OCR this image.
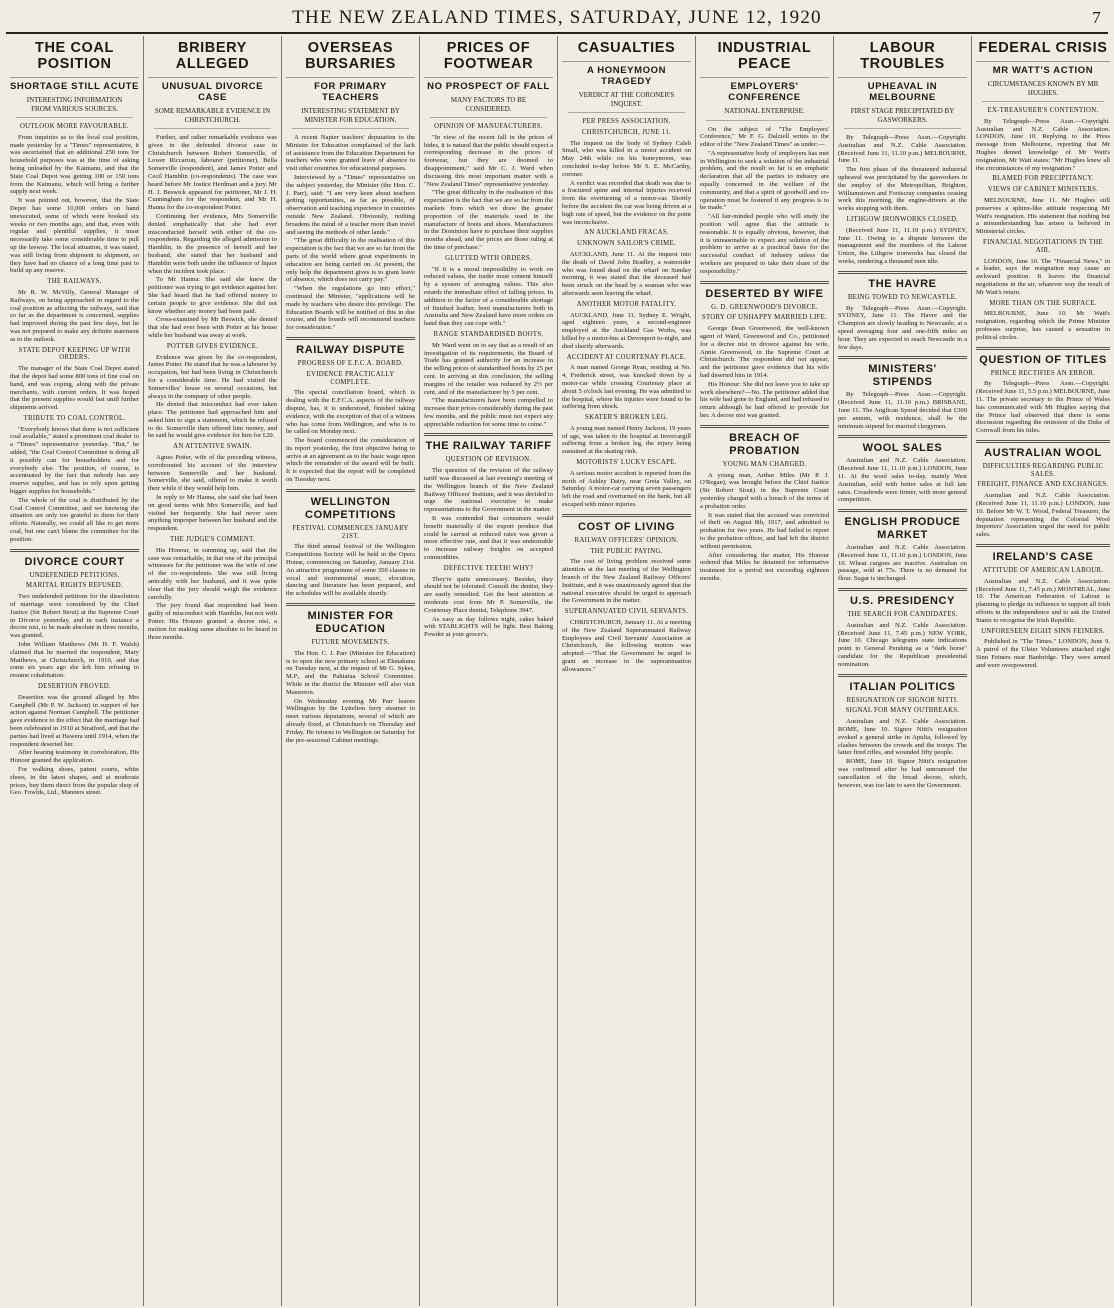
THE NEW ZEALAND TIMES, SATURDAY, JUNE 12, 1920	7
THE COAL POSITION
SHORTAGE STILL ACUTE
INTERESTING INFORMATION FROM VARIOUS SOURCES.
OUTLOOK MORE FAVOURABLE.

From inquiries as to the local coal position, made yesterday by a "Times" representative, it was ascertained that an additional 250 tons for household purposes was at the time of asking being unloaded by the Kaimanu, and that the State Coal Depot was getting 100 or 150 tons from the Kaimanu, which will bring a further supply next week.

It was pointed out, however, that the State Depot has some 10,000 orders on hand unexecuted, some of which were booked six weeks or two months ago, and that, even with regular and plentiful supplies, it must necessarily take some considerable time to pull up the leeway. The local situation, it was stated, was still living from shipment to shipment, so they have had no chance of a long time past to build up any reserve.

THE RAILWAYS.

Mr R. W. McVilly, General Manager of Railways, on being approached in regard to the coal position as affecting the railways, said that so far as the department is concerned, supplies had improved during the past few days, but he was not prepared to make any definite statement as to the outlook.

STATE DEPOT KEEPING UP WITH ORDERS.

The manager of the State Coal Depot stated that the depot had some 800 tons of fine coal on hand, and was coping, along with the private merchants, with current orders. It was hoped that the present supplies would last until further shipments arrived.

TRIBUTE TO COAL CONTROL.

"Everybody knows that there is not sufficient coal available," stated a prominent coal dealer to a "Times" representative yesterday. "But," he added, "the Coal Control Committee is doing all it possibly can for householders and for everybody else. The position, of course, is accentuated by the fact that nobody has any reserve supplies, and has to rely upon getting bigger supplies for households."

The whole of the coal is distributed by the Coal Control Committee, and we knowing the situation are only too grateful to them for their efforts. Naturally, we could all like to get more coal, but one can't blame the committee for the position.

DIVORCE COURT
UNDEFENDED PETITIONS.
MARITAL RIGHTS REFUSED.

Two undefended petitions for the dissolution of marriage were considered by the Chief Justice (Sir Robert Stout) at the Supreme Court in Divorce yesterday, and in each instance a decree nisi, to be made absolute in three months, was granted.

John William Matthews (Mr H. F. Walsh) claimed that he married the respondent, Mary Matthews, at Christchurch, in 1910, and that some six years ago she left him refusing to resume cohabitation.

DESERTION PROVED.

Desertion was the ground alleged by Mrs Campbell (Mr P. W. Jackson) in support of her action against Norman Campbell. The petitioner gave evidence to the effect that the marriage had been celebrated in 1910 at Stratford, and that the parties had lived at Hawera until 1914, when the respondent deserted her.

After hearing testimony in corroboration, His Honour granted the application.

For walking shoes, patent courts, white shoes, in the latest shapes, and at moderate prices, buy them direct from the popular shop of Geo. Fowlds, Ltd., Manners street.

BRIBERY ALLEGED
UNUSUAL DIVORCE CASE
SOME REMARKABLE EVIDENCE IN CHRISTCHURCH.

Further, and rather remarkable evidence was given in the defended divorce case in Christchurch between Robert Somerville, of Lower Riccarton, labourer (petitioner), Bella Somerville (respondent), and James Potter and Cecil Hamblin (co-respondents). The case was heard before Mr Justice Herdman and a jury. Mr H. J. Beswick appeared for petitioner, Mr J. H. Cunningham for the respondent, and Mr H. Hanna for the co-respondent Potter.

Continuing her evidence, Mrs Somerville denied emphatically that she had ever misconducted herself with either of the co-respondents. Regarding the alleged admission to Hamblin, in the presence of herself and her husband, she stated that her husband and Hamblin were both under the influence of liquor when the incident took place.

To Mr Hanna: She said she knew the petitioner was trying to get evidence against her. She had heard that he had offered money to certain people to give evidence. She did not know whether any money had been paid.

Cross-examined by Mr Beswick, she denied that she had ever been with Potter at his house while her husband was away at work.

POTTER GIVES EVIDENCE.

Evidence was given by the co-respondent, James Potter. He stated that he was a labourer by occupation, but had been living in Christchurch for a considerable time. He had visited the Somervilles' house on several occasions, but always in the company of other people.

He denied that misconduct had ever taken place. The petitioner had approached him and asked him to sign a statement, which he refused to do. Somerville then offered him money, and he said he would give evidence for him for £20.

AN ATTENTIVE SWAIN.

Agnes Potter, wife of the preceding witness, corroborated his account of the interview between Somerville and her husband. Somerville, she said, offered to make it worth their while if they would help him.

In reply to Mr Hanna, she said she had been on good terms with Mrs Somerville, and had visited her frequently. She had never seen anything improper between her husband and the respondent.

THE JUDGE'S COMMENT.

His Honour, in summing up, said that the case was remarkable, in that one of the principal witnesses for the petitioner was the wife of one of the co-respondents. She was still living amicably with her husband, and it was quite clear that the jury should weigh the evidence carefully.

The jury found that respondent had been guilty of misconduct with Hamblin, but not with Potter. His Honour granted a decree nisi, a motion for making same absolute to be heard in three months.

OVERSEAS BURSARIES
FOR PRIMARY TEACHERS
INTERESTING STATEMENT BY MINISTER FOR EDUCATION.

A recent Napier teachers' deputation to the Minister for Education complained of the lack of assistance from the Education Department for teachers who were granted leave of absence to visit other countries for educational purposes.

Interviewed by a "Times" representative on the subject yesterday, the Minister (the Hon. C. J. Parr), said: "I am very keen about teachers getting opportunities, as far as possible, of observation and teaching experience in countries outside New Zealand. Obviously, nothing broadens the mind of a teacher more than travel and seeing the methods of other lands."

"The great difficulty in the realisation of this expectation is the fact that we are so far from the parts of the world where great experiments in education are being carried on. At present, the only help the department gives is to grant leave of absence, which does not carry pay."

"When the regulations go into effect," continued the Minister, "applications will be made by teachers who desire this privilege. The Education Boards will be notified of this in due course, and the boards will recommend teachers for consideration."

RAILWAY DISPUTE
PROGRESS OF E.F.C.A. BOARD.
EVIDENCE PRACTICALLY COMPLETE.

The special conciliation board, which is dealing with the E.F.C.A. aspects of the railway dispute, has, it is understood, finished taking evidence, with the exception of that of a witness who has come from Wellington, and who is to be called on Monday next.

The board commenced the consideration of its report yesterday, the first objective being to arrive at an agreement as to the basic wage upon which the remainder of the award will be built. It is expected that the report will be completed on Tuesday next.

WELLINGTON COMPETITIONS
FESTIVAL COMMENCES JANUARY 21ST.

The third annual festival of the Wellington Competitions Society will be held in the Opera House, commencing on Saturday, January 21st. An attractive programme of some 350 classes in vocal and instrumental music, elocution, dancing and literature has been prepared, and the schedules will be available shortly.

MINISTER FOR EDUCATION
FUTURE MOVEMENTS.

The Hon. C. J. Parr (Minister for Education) is to open the new primary school at Eketahuna on Tuesday next, at the request of Mr G. Sykes, M.P., and the Pahiatua School Committee. While in the district the Minister will also visit Masterton.

On Wednesday evening Mr Parr leaves Wellington by the Lyttelton ferry steamer to meet various deputations, several of which are already fixed, at Christchurch on Thursday and Friday. He returns to Wellington on Saturday for the pre-sessional Cabinet meetings.

PRICES OF FOOTWEAR
NO PROSPECT OF FALL
MANY FACTORS TO BE CONSIDERED.
OPINION OF MANUFACTURERS.

"In view of the recent fall in the prices of hides, it is natural that the public should expect a corresponding decrease in the prices of footwear, but they are doomed to disappointment," said Mr C. J. Ward when discussing this most important matter with a "New Zealand Times" representative yesterday.

"The great difficulty in the realisation of this expectation is the fact that we are so far from the markets from which we draw the greater proportion of the materials used in the manufacture of boots and shoes. Manufacturers in the Dominion have to purchase their supplies months ahead, and the prices are those ruling at the time of purchase."

GLUTTED WITH ORDERS.

"If it is a moral impossibility to work on reduced values, the trader must content himself by a system of averaging values. This also retards the immediate effect of falling prices. In addition to the factor of a considerable shortage of finished leather, boot manufacturers both in Australia and New Zealand have more orders on hand than they can cope with."

RANGE STANDARDISED BOOTS.

Mr Ward went on to say that as a result of an investigation of its requirements, the Board of Trade has granted authority for an increase in the selling prices of standardised boots by 25 per cent. In arriving at this conclusion, the selling margins of the retailer was reduced by 2½ per cent, and of the manufacturer by 5 per cent.

"The manufacturers have been compelled to increase their prices considerably during the past few months, and the public must not expect any appreciable reduction for some time to come."

THE RAILWAY TARIFF
QUESTION OF REVISION.

The question of the revision of the railway tariff was discussed at last evening's meeting of the Wellington branch of the New Zealand Railway Officers' Institute, and it was decided to urge the national executive to make representations to the Government in the matter.

It was contended that consumers would benefit materially if the export produce that could be carried at reduced rates was given a more effective rate, and that it was undesirable to increase railway freights on accepted commodities.

DEFECTIVE TEETH! WHY?

They're quite unnecessary. Besides, they should not be tolerated. Consult the dentist, they are easily remedied. Get the best attention at moderate cost from Mr P. Somerville, the Courtenay Place dentist, Telephone 3947.

As easy as day follows night, cakes baked with STARLIGHTS will be light. Best Baking Powder at your grocer's.

CASUALTIES
A HONEYMOON TRAGEDY
VERDICT AT THE CORONER'S INQUEST.
PER PRESS ASSOCIATION.
CHRISTCHURCH, JUNE 11.

The inquest on the body of Sydney Caleb Small, who was killed in a motor accident on May 24th while on his honeymoon, was concluded to-day before Mr S. E. McCarthy, coroner.

A verdict was recorded that death was due to a fractured spine and internal injuries received from the overturning of a motor-car. Shortly before the accident the car was being driven at a high rate of speed, but the evidence on the point was inconclusive.

AN AUCKLAND FRACAS.
UNKNOWN SAILOR'S CRIME.

AUCKLAND, June 11. At the inquest into the death of David John Bradley, a watersider who was found dead on the wharf on Sunday morning, it was stated that the deceased had been struck on the head by a seaman who was afterwards seen leaving the wharf.

ANOTHER MOTOR FATALITY.

AUCKLAND, June 11. Sydney E. Wright, aged eighteen years, a second-engineer employed at the Auckland Gas Works, was killed by a motor-bus at Devonport to-night, and died shortly afterwards.

ACCIDENT AT COURTENAY PLACE.

A man named George Ryan, residing at No. 4, Frederick street, was knocked down by a motor-car while crossing Courtenay place at about 5 o'clock last evening. He was admitted to the hospital, where his injuries were found to be suffering from shock.

SKATER'S BROKEN LEG.

A young man named Henry Jackson, 19 years of age, was taken to the hospital at Invercargill suffering from a broken leg, the injury being sustained at the skating rink.

MOTORISTS' LUCKY ESCAPE.

A serious motor accident is reported from the north of Ashley Dairy, near Greta Valley, on Saturday. A motor-car carrying seven passengers left the road and overturned on the bank, but all escaped with minor injuries.

COST OF LIVING
RAILWAY OFFICERS' OPINION.
THE PUBLIC PAYING.

The cost of living problem received some attention at the last meeting of the Wellington branch of the New Zealand Railway Officers' Institute, and it was unanimously agreed that the national executive should be urged to approach the Government in the matter.

SUPERANNUATED CIVIL SERVANTS.

CHRISTCHURCH, January 11. At a meeting of the New Zealand Superannuated Railway Employees and Civil Servants' Association at Christchurch, the following motion was adopted:—"That the Government be urged to grant an increase in the superannuation allowances."

INDUSTRIAL PEACE
EMPLOYERS' CONFERENCE
NATIONAL ENTERPRISE.

On the subject of "The Employers' Conference," Mr F. G. Dalziell writes to the editor of the "New Zealand Times" as under:—

"A representative body of employers has met in Wellington to seek a solution of the industrial problem, and the result so far is an emphatic declaration that all the parties to industry are equally concerned in the welfare of the community, and that a spirit of goodwill and co-operation must be fostered if any progress is to be made."

"All fair-minded people who will study the position will agree that the attitude is reasonable. It is equally obvious, however, that it is unreasonable to expect any solution of the problem to arrive at a practical basis for the successful conduct of industry unless the workers are prepared to take their share of the responsibility."

DESERTED BY WIFE
G. D. GREENWOOD'S DIVORCE.
STORY OF UNHAPPY MARRIED LIFE.

George Dean Greenwood, the well-known agent of Ward, Greenwood and Co., petitioned for a decree nisi in divorce against his wife, Annie Greenwood, in the Supreme Court at Christchurch. The respondent did not appear, and the petitioner gave evidence that his wife had deserted him in 1914.

His Honour: She did not leave you to take up work elsewhere?—No. The petitioner added that his wife had gone to England, and had refused to return although he had offered to provide for her. A decree nisi was granted.

BREACH OF PROBATION
YOUNG MAN CHARGED.

A young man, Arthur Miles (Mr P. J. O'Regan), was brought before the Chief Justice (Sir Robert Stout) in the Supreme Court yesterday charged with a breach of the terms of a probation order.

It was stated that the accused was convicted of theft on August 8th, 1917, and admitted to probation for two years. He had failed to report to the probation officer, and had left the district without permission.

After considering the matter, His Honour ordered that Miles be detained for reformative treatment for a period not exceeding eighteen months.

LABOUR TROUBLES
UPHEAVAL IN MELBOURNE
FIRST STAGE PRECIPITATED BY GASWORKERS.

By Telegraph—Press Assn.—Copyright. Australian and N.Z. Cable Association. (Received June 11, 11.10 p.m.) MELBOURNE, June 11.

The first phase of the threatened industrial upheaval was precipitated by the gasworkers in the employ of the Metropolitan, Brighton, Williamstown and Footscray companies ceasing work this morning, the engine-drivers at the works stopping with them.

LITHGOW IRONWORKS CLOSED.

(Received June 11, 11.10 p.m.) SYDNEY, June 11. Owing to a dispute between the management and the members of the Labour Union, the Lithgow ironworks has closed the works, rendering a thousand men idle.

THE HAVRE
BEING TOWED TO NEWCASTLE.

By Telegraph—Press Assn.—Copyright. SYDNEY, June 11. The Havre and the Champion are slowly heading to Newcastle, at a speed averaging four and one-fifth miles an hour. They are expected to reach Newcastle in a few days.

MINISTERS' STIPENDS

By Telegraph—Press Assn.—Copyright. (Received June 11, 11.10 p.m.) BRISBANE, June 11. The Anglican Synod decided that £300 per annum, with residence, shall be the minimum stipend for married clergymen.

WOOL SALES

Australian and N.Z. Cable Association. (Received June 11, 11.10 p.m.) LONDON, June 11. At the wool sales to-day, mainly West Australian, sold with better sales at full late rates. Crossbreds were firmer, with more general competition.

ENGLISH PRODUCE MARKET

Australian and N.Z. Cable Association. (Received June 11, 11.10 p.m.) LONDON, June 10. Wheat cargoes are inactive. Australian on passage, sold at 77s. There is no demand for flour. Sugar is unchanged.

U.S. PRESIDENCY
THE SEARCH FOR CANDIDATES.

Australian and N.Z. Cable Association. (Received June 11, 7.45 p.m.) NEW YORK, June 10. Chicago telegrams state indications point to General Pershing as a "dark horse" candidate for the Republican presidential nomination.

ITALIAN POLITICS
RESIGNATION OF SIGNOR NITTI.
SIGNAL FOR MANY OUTBREAKS.

Australian and N.Z. Cable Association. ROME, June 10. Signor Nitti's resignation evoked a general strike in Apulia, followed by clashes between the crowds and the troops. The latter fired rifles, and wounded fifty people.

ROME, June 10. Signor Nitti's resignation was confirmed after he had announced the cancellation of the bread decree, which, however, was too late to save the Government.

FEDERAL CRISIS
MR WATT'S ACTION
CIRCUMSTANCES KNOWN BY MR HUGHES.
EX-TREASURER'S CONTENTION.

By Telegraph—Press Assn.—Copyright. Australian and N.Z. Cable Association. LONDON, June 10. Replying to the Press message from Melbourne, reporting that Mr Hughes denied knowledge of Mr Watt's resignation, Mr Watt states: "Mr Hughes knew all the circumstances of my resignation."

BLAMED FOR PRECIPITANCY.
VIEWS OF CABINET MINISTERS.

MELBOURNE, June 11. Mr Hughes still preserves a sphinx-like attitude respecting Mr Watt's resignation. His statement that nothing but a misunderstanding has arisen is believed in Ministerial circles.

FINANCIAL NEGOTIATIONS IN THE AIR.

LONDON, June 10. The "Financial News," in a leader, says the resignation may cause an awkward position. It leaves the financial negotiations in the air, whatever way the result of Mr Watt's return.

MORE THAN ON THE SURFACE.

MELBOURNE, June 10. Mr Watt's resignation, regarding which the Prime Minister professes surprise, has caused a sensation in political circles.

QUESTION OF TITLES
PRINCE RECTIFIES AN ERROR.

By Telegraph—Press Assn.—Copyright. (Received June 11, 5.5 p.m.) MELBOURNE, June 11. The private secretary to the Prince of Wales has communicated with Mr Hughes saying that the Prince had observed that there is some discussion regarding the omission of the Duke of Cornwall from his titles.

AUSTRALIAN WOOL
DIFFICULTIES REGARDING PUBLIC SALES.
FREIGHT, FINANCE AND EXCHANGES.

Australian and N.Z. Cable Association. (Received June 11, 11.10 p.m.) LONDON, June 10. Before Mr W. T. Wood, Federal Treasurer, the deputation representing the Colonial Wool Importers' Association urged the need for public sales.

IRELAND'S CASE
ATTITUDE OF AMERICAN LABOUR.

Australian and N.Z. Cable Association. (Received June 11, 7.45 p.m.) MONTREAL, June 10. The American Federation of Labour is planning to pledge its influence to support all Irish efforts in the independence and to ask the United States to recognise the Irish Republic.

UNFORESEEN EIGHT SINN FEINERS.

Published in "The Times." LONDON, June 9. A patrol of the Ulster Volunteers attacked eight Sinn Feiners near Banbridge. They were armed and were overpowered.
